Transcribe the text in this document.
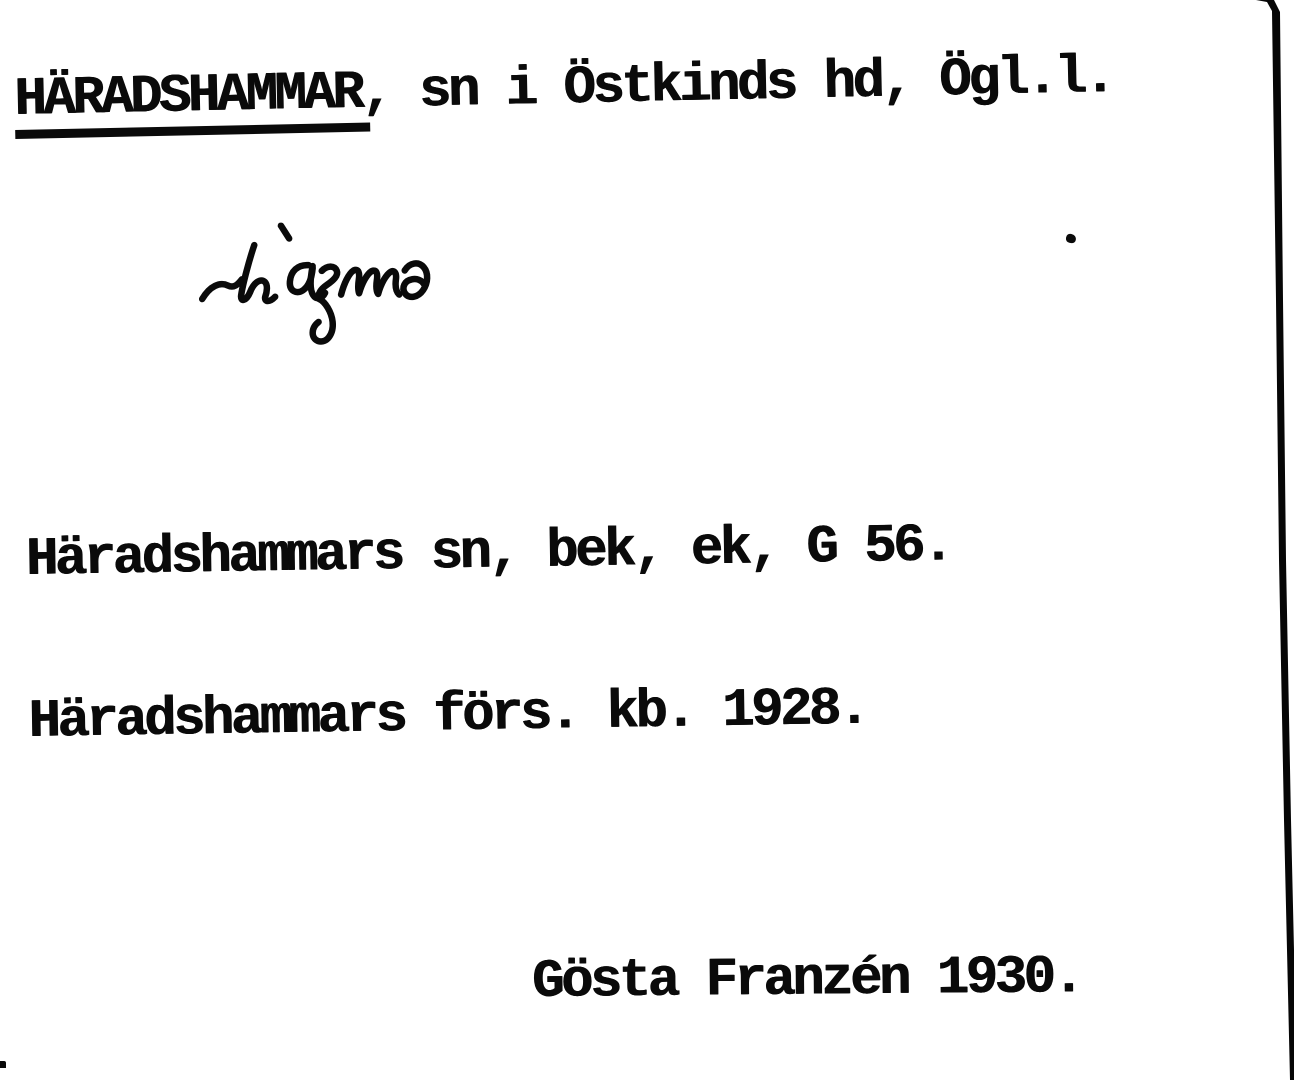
HÄRADSHAMMAR, sn i Östkinds hd, Ögl.l.

Häradshammars sn, bek, ek, G 56.

Häradshammars förs. kb. 1928.

Gösta Franzén 1930.
